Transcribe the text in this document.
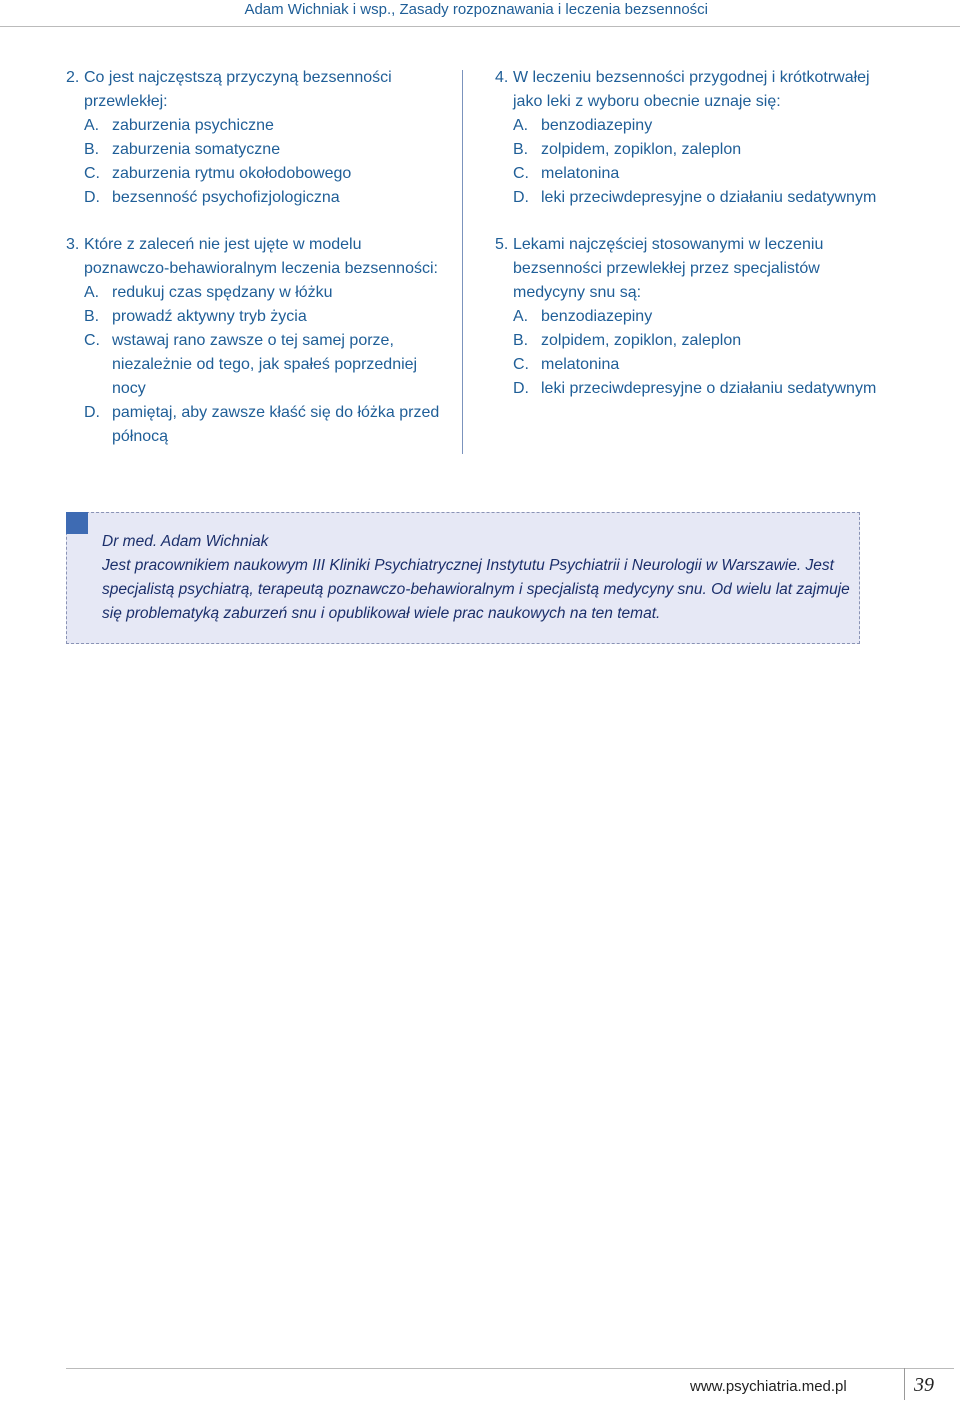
Adam Wichniak i wsp., Zasady rozpoznawania i leczenia bezsenności
2. Co jest najczęstszą przyczyną bezsenności przewlekłej:
A. zaburzenia psychiczne
B. zaburzenia somatyczne
C. zaburzenia rytmu okołodobowego
D. bezsenność psychofizjologiczna
3. Które z zaleceń nie jest ujęte w modelu poznawczo-behawioralnym leczenia bezsenności:
A. redukuj czas spędzany w łóżku
B. prowadź aktywny tryb życia
C. wstawaj rano zawsze o tej samej porze, niezależnie od tego, jak spałeś poprzedniej nocy
D. pamiętaj, aby zawsze kłaść się do łóżka przed północą
4. W leczeniu bezsenności przygodnej i krótkotrwałej jako leki z wyboru obecnie uznaje się:
A. benzodiazepiny
B. zolpidem, zopiklon, zaleplon
C. melatonina
D. leki przeciwdepresyjne o działaniu sedatywnym
5. Lekami najczęściej stosowanymi w leczeniu bezsenności przewlekłej przez specjalistów medycyny snu są:
A. benzodiazepiny
B. zolpidem, zopiklon, zaleplon
C. melatonina
D. leki przeciwdepresyjne o działaniu sedatywnym
Dr med. Adam Wichniak
Jest pracownikiem naukowym III Kliniki Psychiatrycznej Instytutu Psychiatrii i Neurologii w Warszawie. Jest specjalistą psychiatrą, terapeutą poznawczo-behawioralnym i specjalistą medycyny snu. Od wielu lat zajmuje się problematyką zaburzeń snu i opublikował wiele prac naukowych na ten temat.
www.psychiatria.med.pl	39
